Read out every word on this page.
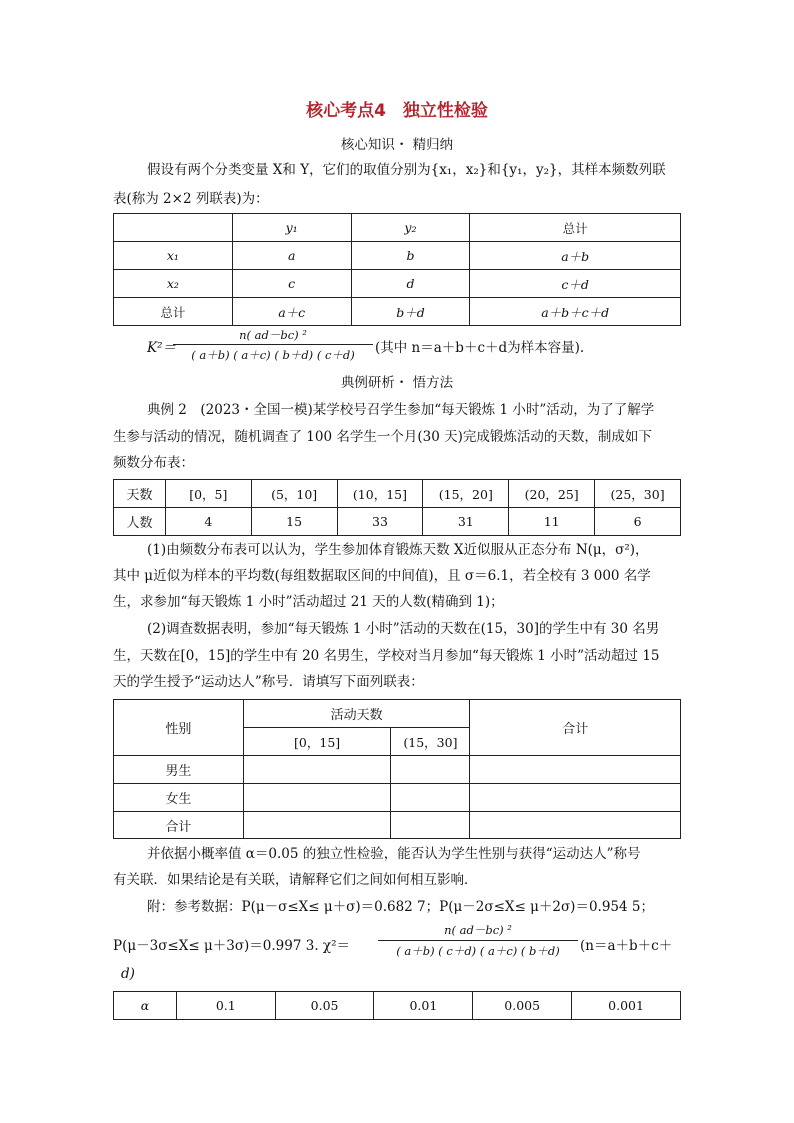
核心考点4　独立性检验
核心知识・ 精归纳
假设有两个分类变量 X和 Y，它们的取值分别为{x₁，x₂}和{y₁，y₂}，其样本频数列联
表(称为 2×2 列联表)为：
	y₁	y₂	总计
x₁	a	b	a＋b
x₂	c	d	c＋d
总计	a＋c	b＋d	a＋b＋c＋d
K²＝
n( ad－bc) ²
( a＋b) ( a＋c) ( b＋d) ( c＋d)	(其中 n＝a＋b＋c＋d为样本容量).
典例研析・ 悟方法
典例 2　(2023・全国一模)某学校号召学生参加“每天锻炼 1 小时”活动，为了了解学
生参与活动的情况，随机调查了 100 名学生一个月(30 天)完成锻炼活动的天数，制成如下
频数分布表：
天数	[0，5]	(5，10]	(10，15]	(15，20]	(20，25]	(25，30]
人数	4	15	33	31	11	6
(1)由频数分布表可以认为，学生参加体育锻炼天数 X近似服从正态分布 N(μ，σ²)，
其中 μ近似为样本的平均数(每组数据取区间的中间值)，且 σ＝6.1，若全校有 3 000 名学
生，求参加“每天锻炼 1 小时”活动超过 21 天的人数(精确到 1)；
(2)调查数据表明，参加“每天锻炼 1 小时”活动的天数在(15，30]的学生中有 30 名男
生，天数在[0，15]的学生中有 20 名男生，学校对当月参加“每天锻炼 1 小时”活动超过 15
天的学生授予“运动达人”称号．请填写下面列联表：
性别	活动天数		合计
	[0，15]	(15，30]	
男生			
女生			
合计			
并依据小概率值 α＝0.05 的独立性检验，能否认为学生性别与获得“运动达人”称号
有关联．如果结论是有关联，请解释它们之间如何相互影响．
附：参考数据：P(μ－σ≤X≤ μ＋σ)＝0.682 7；P(μ－2σ≤X≤ μ＋2σ)＝0.954 5；
P(μ－3σ≤X≤ μ＋3σ)＝0.997 3. χ²＝
n( ad－bc) ²
( a＋b) ( c＋d) ( a＋c) ( b＋d)	(n＝a＋b＋c＋
d)
α	0.1	0.05	0.01	0.005	0.001
